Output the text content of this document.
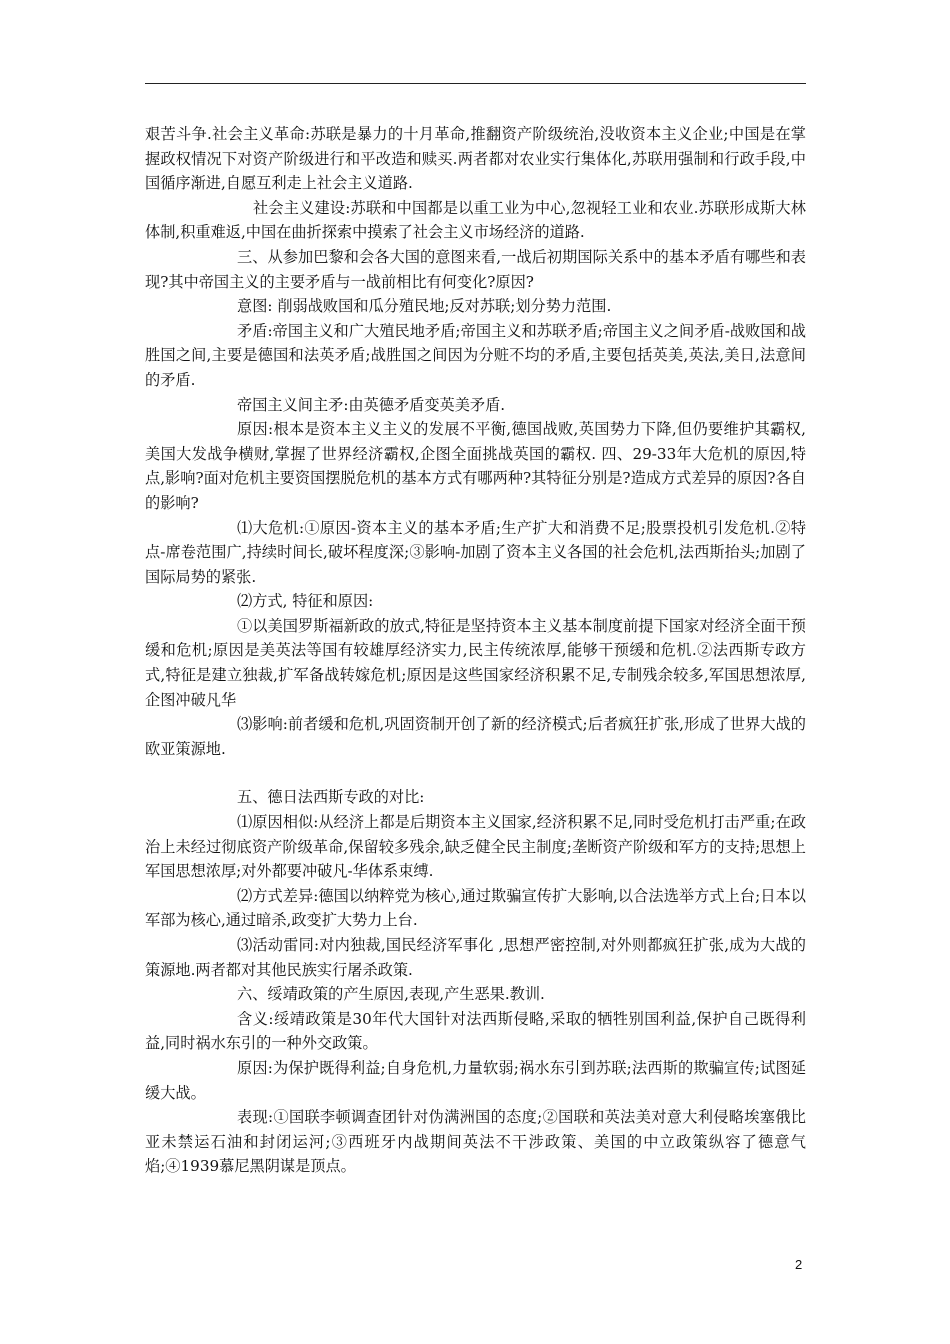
艰苦斗争.社会主义革命:苏联是暴力的十月革命,推翻资产阶级统治,没收资本主义企业;中国是在掌握政权情况下对资产阶级进行和平改造和赎买.两者都对农业实行集体化,苏联用强制和行政手段,中国循序渐进,自愿互利走上社会主义道路.

社会主义建设:苏联和中国都是以重工业为中心,忽视轻工业和农业.苏联形成斯大林体制,积重难返,中国在曲折探索中摸索了社会主义市场经济的道路.

三、从参加巴黎和会各大国的意图来看,一战后初期国际关系中的基本矛盾有哪些和表现?其中帝国主义的主要矛盾与一战前相比有何变化?原因?

意图: 削弱战败国和瓜分殖民地;反对苏联;划分势力范围.

矛盾:帝国主义和广大殖民地矛盾;帝国主义和苏联矛盾;帝国主义之间矛盾-战败国和战胜国之间,主要是德国和法英矛盾;战胜国之间因为分赃不均的矛盾,主要包括英美,英法,美日,法意间的矛盾.

帝国主义间主矛:由英德矛盾变英美矛盾.

原因:根本是资本主义主义的发展不平衡,德国战败,英国势力下降,但仍要维护其霸权,美国大发战争横财,掌握了世界经济霸权,企图全面挑战英国的霸权. 四、29-33年大危机的原因,特点,影响?面对危机主要资国摆脱危机的基本方式有哪两种?其特征分别是?造成方式差异的原因?各自的影响?

⑴大危机:①原因-资本主义的基本矛盾;生产扩大和消费不足;股票投机引发危机.②特点-席卷范围广,持续时间长,破坏程度深;③影响-加剧了资本主义各国的社会危机,法西斯抬头;加剧了国际局势的紧张.

⑵方式, 特征和原因:

①以美国罗斯福新政的放式,特征是坚持资本主义基本制度前提下国家对经济全面干预缓和危机;原因是美英法等国有较雄厚经济实力,民主传统浓厚,能够干预缓和危机.②法西斯专政方式,特征是建立独裁,扩军备战转嫁危机;原因是这些国家经济积累不足,专制残余较多,军国思想浓厚,企图冲破凡华

⑶影响:前者缓和危机,巩固资制开创了新的经济模式;后者疯狂扩张,形成了世界大战的欧亚策源地.

五、德日法西斯专政的对比:

⑴原因相似:从经济上都是后期资本主义国家,经济积累不足,同时受危机打击严重;在政治上未经过彻底资产阶级革命,保留较多残余,缺乏健全民主制度;垄断资产阶级和军方的支持;思想上军国思想浓厚;对外都要冲破凡-华体系束缚.

⑵方式差异:德国以纳粹党为核心,通过欺骗宣传扩大影响,以合法选举方式上台;日本以军部为核心,通过暗杀,政变扩大势力上台.

⑶活动雷同:对内独裁,国民经济军事化 ,思想严密控制,对外则都疯狂扩张,成为大战的策源地.两者都对其他民族实行屠杀政策.

六、绥靖政策的产生原因,表现,产生恶果.教训.

含义:绥靖政策是30年代大国针对法西斯侵略,采取的牺牲别国利益,保护自己既得利益,同时祸水东引的一种外交政策。

原因:为保护既得利益;自身危机,力量软弱;祸水东引到苏联;法西斯的欺骗宣传;试图延缓大战。

表现:①国联李顿调查团针对伪满洲国的态度;②国联和英法美对意大利侵略埃塞俄比亚未禁运石油和封闭运河;③西班牙内战期间英法不干涉政策、美国的中立政策纵容了德意气焰;④1939慕尼黑阴谋是顶点。

2
